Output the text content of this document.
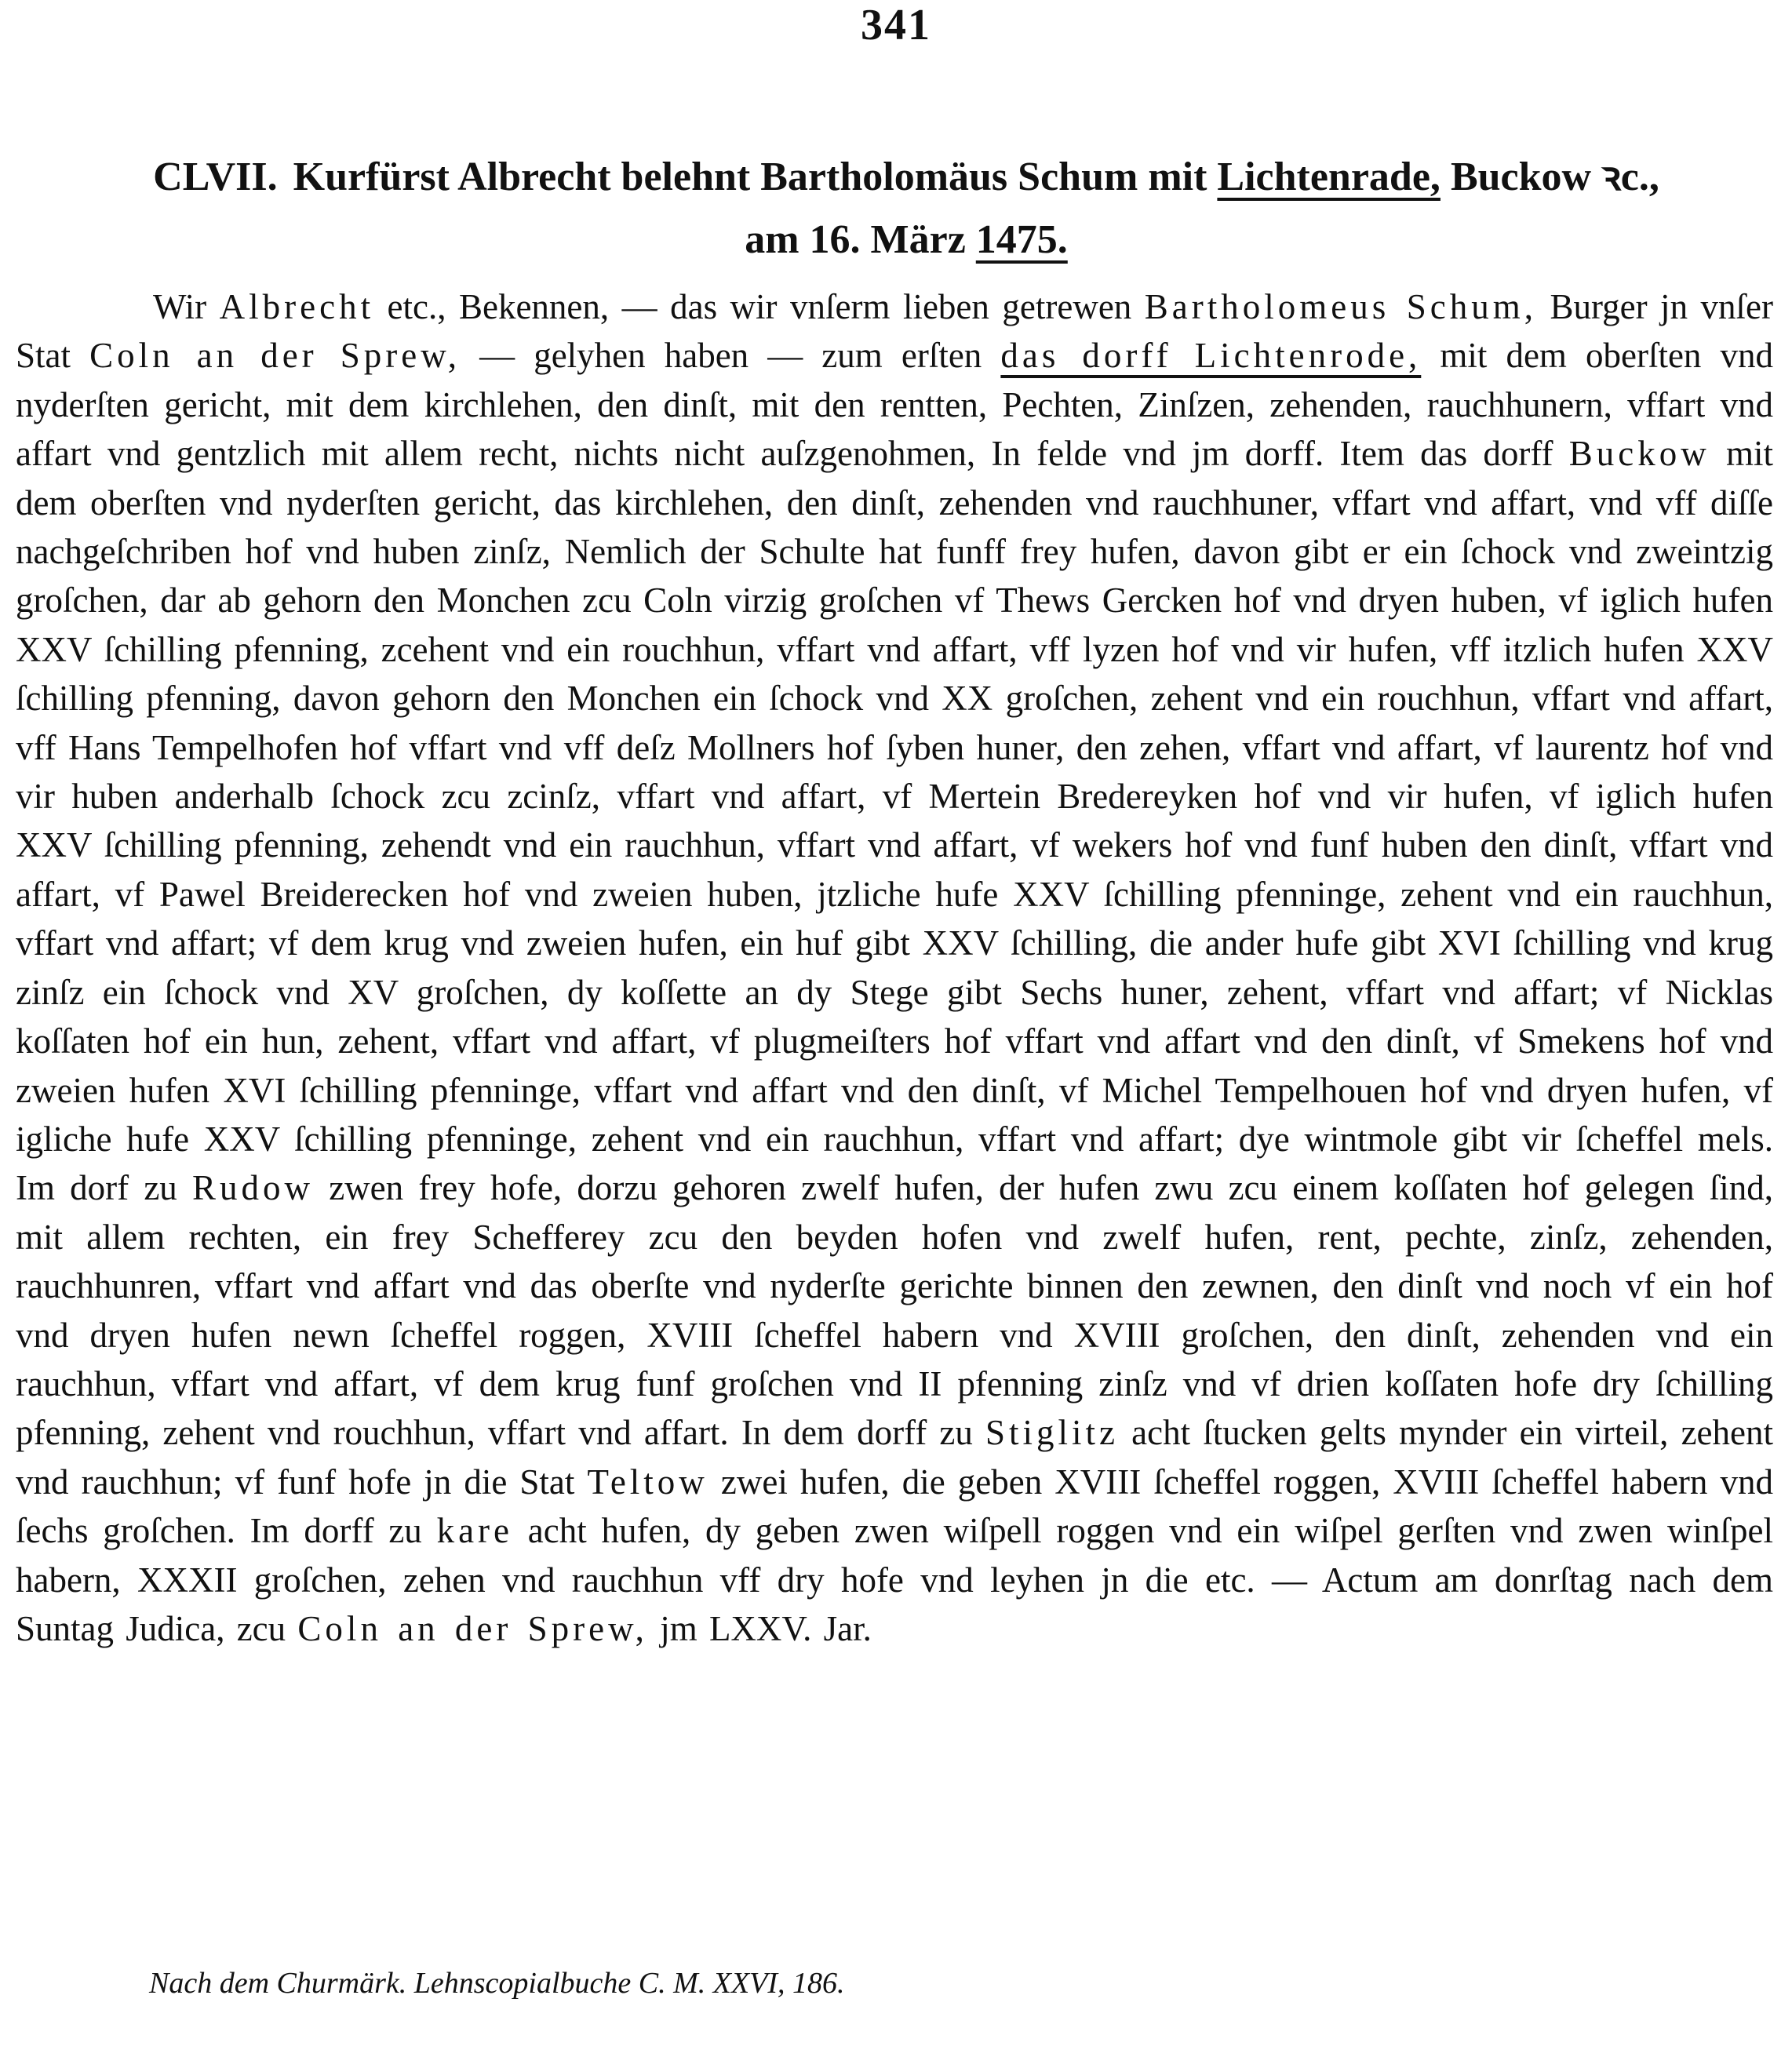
341
CLVII. Kurfürst Albrecht belehnt Bartholomäus Schum mit Lichtenrade, Buckow ꝛc.,
am 16. März 1475.
Wir Albrecht etc., Bekennen, — das wir vnſerm lieben getrewen Bartholomeus Schum, Burger jn vnſer Stat Coln an der Sprew, — gelyhen haben — zum erſten das dorff Lichtenrode, mit dem oberſten vnd nyderſten gericht, mit dem kirchlehen, den dinſt, mit den rentten, Pechten, Zinſzen, zehenden, rauchhunern, vffart vnd affart vnd gentzlich mit allem recht, nichts nicht auſzgenohmen, In felde vnd jm dorff. Item das dorff Buckow mit dem oberſten vnd nyderſten gericht, das kirchlehen, den dinſt, zehenden vnd rauchhuner, vffart vnd affart, vnd vff diſſe nachgeſchriben hof vnd huben zinſz, Nemlich der Schulte hat funff frey hufen, davon gibt er ein ſchock vnd zweintzig groſchen, dar ab gehorn den Monchen zcu Coln virzig groſchen vf Thews Gercken hof vnd dryen huben, vf iglich hufen XXV ſchilling pfenning, zcehent vnd ein rouchhun, vffart vnd affart, vff lyzen hof vnd vir hufen, vff itzlich hufen XXV ſchilling pfenning, davon gehorn den Monchen ein ſchock vnd XX groſchen, zehent vnd ein rouchhun, vffart vnd affart, vff Hans Tempelhofen hof vffart vnd vff deſz Mollners hof ſyben huner, den zehen, vffart vnd affart, vf laurentz hof vnd vir huben anderhalb ſchock zcu zcinſz, vffart vnd affart, vf Mertein Bredereyken hof vnd vir hufen, vf iglich hufen XXV ſchilling pfenning, zehendt vnd ein rauchhun, vffart vnd affart, vf wekers hof vnd funf huben den dinſt, vffart vnd affart, vf Pawel Breiderecken hof vnd zweien huben, jtzliche hufe XXV ſchilling pfenninge, zehent vnd ein rauchhun, vffart vnd affart; vf dem krug vnd zweien hufen, ein huf gibt XXV ſchilling, die ander hufe gibt XVI ſchilling vnd krug zinſz ein ſchock vnd XV groſchen, dy koſſette an dy Stege gibt Sechs huner, zehent, vffart vnd affart; vf Nicklas koſſaten hof ein hun, zehent, vffart vnd affart, vf plugmeiſters hof vffart vnd affart vnd den dinſt, vf Smekens hof vnd zweien hufen XVI ſchilling pfenninge, vffart vnd affart vnd den dinſt, vf Michel Tempelhouen hof vnd dryen hufen, vf igliche hufe XXV ſchilling pfenninge, zehent vnd ein rauchhun, vffart vnd affart; dye wintmole gibt vir ſcheffel mels. Im dorf zu Rudow zwen frey hofe, dorzu gehoren zwelf hufen, der hufen zwu zcu einem koſſaten hof gelegen ſind, mit allem rechten, ein frey Schefferey zcu den beyden hofen vnd zwelf hufen, rent, pechte, zinſz, zehenden, rauchhunren, vffart vnd affart vnd das oberſte vnd nyderſte gerichte binnen den zewnen, den dinſt vnd noch vf ein hof vnd dryen hufen newn ſcheffel roggen, XVIII ſcheffel habern vnd XVIII groſchen, den dinſt, zehenden vnd ein rauchhun, vffart vnd affart, vf dem krug funf groſchen vnd II pfenning zinſz vnd vf drien koſſaten hofe dry ſchilling pfenning, zehent vnd rouchhun, vffart vnd affart. In dem dorff zu Stiglitz acht ſtucken gelts mynder ein virteil, zehent vnd rauchhun; vf funf hofe jn die Stat Teltow zwei hufen, die geben XVIII ſcheffel roggen, XVIII ſcheffel habern vnd ſechs groſchen. Im dorff zu kare acht hufen, dy geben zwen wiſpell roggen vnd ein wiſpel gerſten vnd zwen winſpel habern, XXXII groſchen, zehen vnd rauchhun vff dry hofe vnd leyhen jn die etc. — Actum am donrſtag nach dem Suntag Judica, zcu Coln an der Sprew, jm LXXV. Jar.
Nach dem Churmärk. Lehnscopialbuche C. M. XXVI, 186.
